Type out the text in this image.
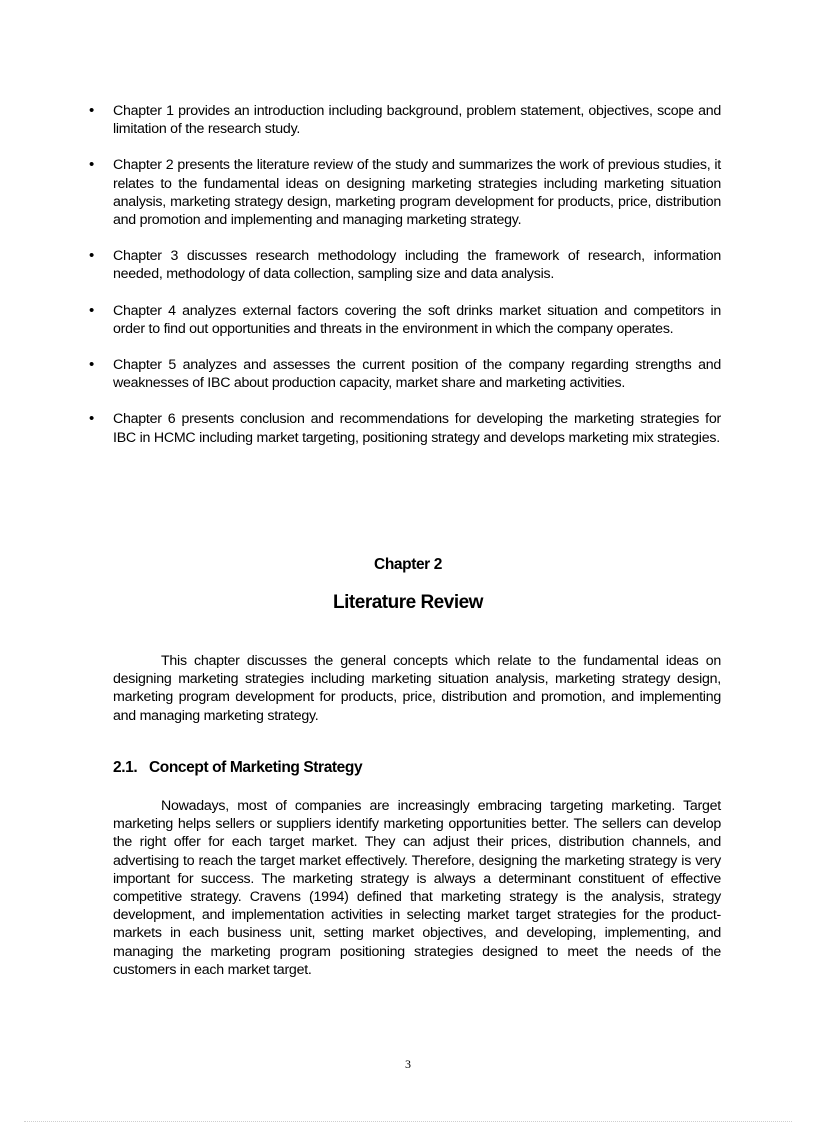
• Chapter 1 provides an introduction including background, problem statement, objectives, scope and limitation of the research study.
• Chapter 2 presents the literature review of the study and summarizes the work of previous studies, it relates to the fundamental ideas on designing marketing strategies including marketing situation analysis, marketing strategy design, marketing program development for products, price, distribution and promotion and implementing and managing marketing strategy.
• Chapter 3 discusses research methodology including the framework of research, information needed, methodology of data collection, sampling size and data analysis.
• Chapter 4 analyzes external factors covering the soft drinks market situation and competitors in order to find out opportunities and threats in the environment in which the company operates.
• Chapter 5 analyzes and assesses the current position of the company regarding strengths and weaknesses of IBC about production capacity, market share and marketing activities.
• Chapter 6 presents conclusion and recommendations for developing the marketing strategies for IBC in HCMC including market targeting, positioning strategy and develops marketing mix strategies.
Chapter 2
Literature Review

This chapter discusses the general concepts which relate to the fundamental ideas on designing marketing strategies including marketing situation analysis, marketing strategy design, marketing program development for products, price, distribution and promotion, and implementing and managing marketing strategy.

2.1. Concept of Marketing Strategy

Nowadays, most of companies are increasingly embracing targeting marketing. Target marketing helps sellers or suppliers identify marketing opportunities better. The sellers can develop the right offer for each target market. They can adjust their prices, distribution channels, and advertising to reach the target market effectively. Therefore, designing the marketing strategy is very important for success. The marketing strategy is always a determinant constituent of effective competitive strategy. Cravens (1994) defined that marketing strategy is the analysis, strategy development, and implementation activities in selecting market target strategies for the product-markets in each business unit, setting market objectives, and developing, implementing, and managing the marketing program positioning strategies designed to meet the needs of the customers in each market target.

3
